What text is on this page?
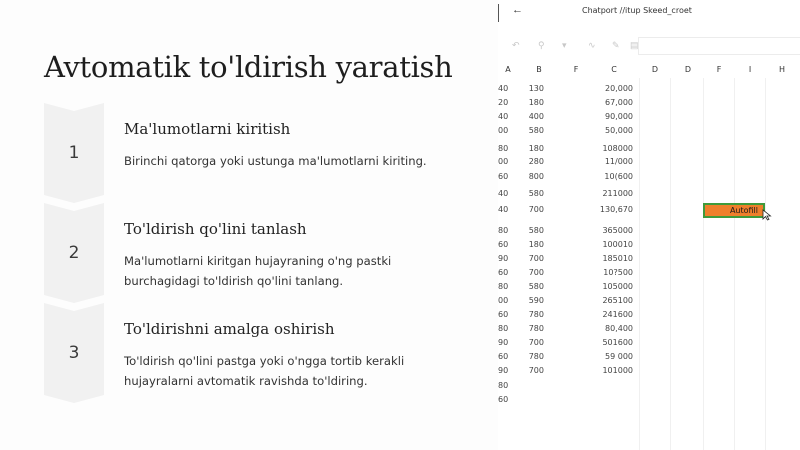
Avtomatik to'ldirish yaratish
1
Ma'lumotlarni kiritish
Birinchi qatorga yoki ustunga ma'lumotlarni kiriting.
2
To'ldirish qo'lini tanlash
Ma'lumotlarni kiritgan hujayraning o'ng pastki burchagidagi to'ldirish qo'lini tanlang.
3
To'ldirishni amalga oshirish
To'ldirish qo'lini pastga yoki o'ngga tortib kerakli hujayralarni avtomatik ravishda to'ldiring.
←	Chatport //itup Skeed_croet
↶ ⚲ ▾ ∿ ✎ ▤
A	B	F	C	D	D	F	I	H
40	130	20,000
20	180	67,000
40	400	90,000
00	580	50,000
80	180	108000
00	280	11/000
60	800	10(600
40	580	211000
40	700	130,670
80	580	365000
60	180	100010
90	700	185010
60	700	10?500
80	580	105000
00	590	265100
60	780	241600
80	780	80,400
90	700	501600
60	780	59 000
90	700	101000
80
60
Autofill
